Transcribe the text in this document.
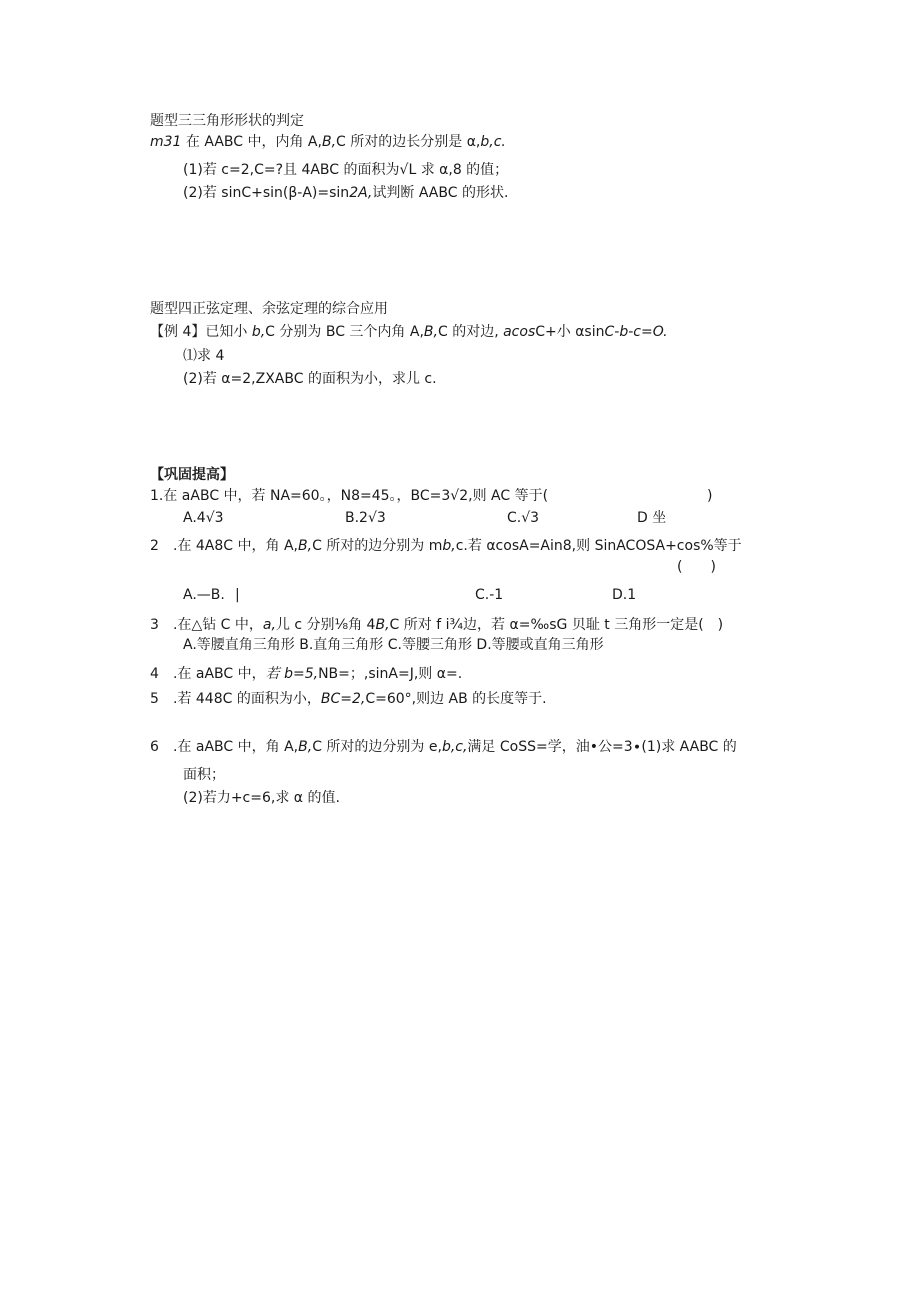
题型三三角形形状的判定
m31 在 AABC 中，内角 A,B,C 所对的边长分别是 α,b,c.
(1)若 c=2,C=?且 4ABC 的面积为√L 求 α,8 的值；
(2)若 sinC+sin(β-A)=sin2A,试判断 AABC 的形状.
题型四正弦定理、余弦定理的综合应用
【例 4】已知小 b,C 分别为 BC 三个内角 A,B,C 的对边, acosC+小 αsinC-b-c=O.
⑴求 4
(2)若 α=2,ZXABC 的面积为小，求儿 c.
【巩固提高】
1.在 aABC 中，若 NA=60。，N8=45。，BC=3√2,则 AC 等于(	)
A.4√3	B.2√3	C.√3	D 坐
2 .在 4A8C 中，角 A,B,C 所对的边分别为 mb,c.若 αcosA=Ain8,则 SinACOSA+cos%等于
(　　)
A.—B. |	C.-1	D.1
3 .在△钻 C 中，a,儿 c 分别⅛角 4B,C 所对 f i¾边，若 α=‰sG 贝耻 t 三角形一定是(　)
A.等腰直角三角形 B.直角三角形 C.等腰三角形 D.等腰或直角三角形
4 .在 aABC 中，若 b=5,NB=；,sinA=J,则 α=.
5 .若 448C 的面积为小，BC=2,C=60°,则边 AB 的长度等于.
6 .在 aABC 中，角 A,B,C 所对的边分别为 e,b,c,满足 CoSS=学，油•公=3∙(1)求 AABC 的
面积；
(2)若力+c=6,求 α 的值.
